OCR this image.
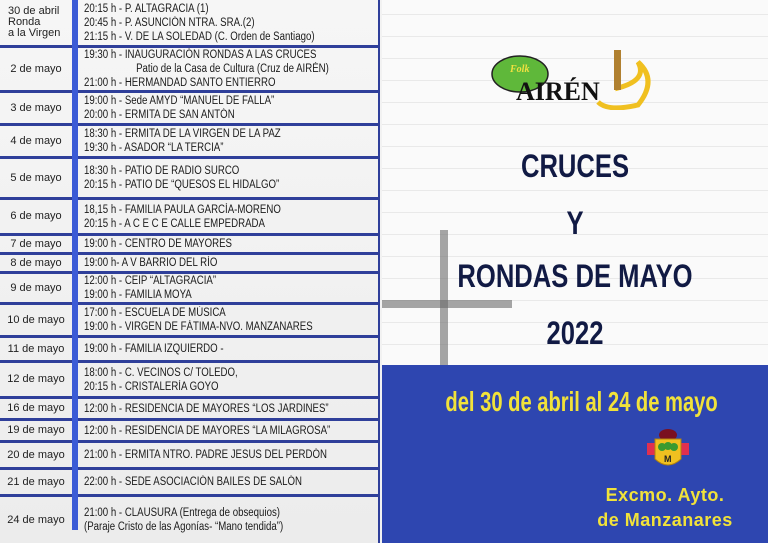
30 de abril
Ronda
a la Virgen
20:15 h - P. ALTAGRACIA (1)
20:45 h - P. ASUNCIÓN NTRA. SRA.(2)
21:15 h - V. DE LA SOLEDAD (C. Orden de Santiago)
2 de mayo
19:30 h - INAUGURACIÓN RONDAS A LAS CRUCES
Patio de la Casa de Cultura (Cruz de AIRÉN)
21:00 h - HERMANDAD SANTO ENTIERRO
3 de mayo
19:00 h - Sede AMYD “MANUEL DE FALLA”
20:00 h - ERMITA DE SAN ANTÓN
4 de mayo
18:30 h - ERMITA DE LA VIRGEN DE LA PAZ
19:30 h - ASADOR “LA TERCIA”
5 de mayo
18:30 h - PATIO DE RADIO SURCO
20:15 h - PATIO DE “QUESOS EL HIDALGO”
6 de mayo
18,15 h - FAMILIA PAULA GARCÍA-MORENO
20:15 h - A C E C E CALLE EMPEDRADA
7 de mayo 19:00 h - CENTRO DE MAYORES
8 de mayo 19:00 h- A V BARRIO DEL RÍO
9 de mayo
12:00 h - CEIP “ALTAGRACIA”
19:00 h - FAMILIA MOYA
10 de mayo
17:00 h - ESCUELA DE MÚSICA
19:00 h - VIRGEN DE FÁTIMA-NVO. MANZANARES
11 de mayo 19:00 h - FAMILIA IZQUIERDO -
12 de mayo
18:00 h - C. VECINOS C/ TOLEDO,
20:15 h - CRISTALERÍA GOYO
16 de mayo 12:00 h - RESIDENCIA DE MAYORES “LOS JARDINES”
19 de mayo 12:00 h - RESIDENCIA DE MAYORES “LA MILAGROSA”
20 de mayo 21:00 h - ERMITA NTRO. PADRE JESUS DEL PERDÓN
21 de mayo 22:00 h - SEDE ASOCIACIÓN BAILES DE SALÓN
24 de mayo
21:00 h - CLAUSURA (Entrega de obsequios)
(Paraje Cristo de las Agonías- “Mano tendida”)
Folk
AIRÉN
CRUCES
Y
RONDAS DE MAYO
2022
del 30 de abril al 24 de mayo
M
Excmo. Ayto.
de Manzanares
